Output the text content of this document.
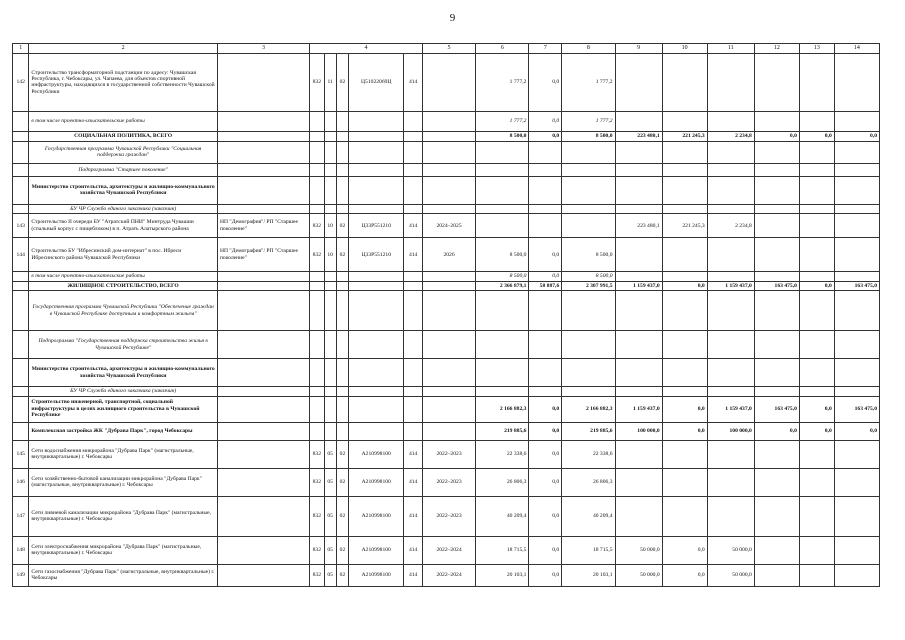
9
1	2	3	4					5	6	7	8	9	10	11	12	13	14
142	Строительство трансформаторной подстанции по адресу: Чувашская Республика, г. Чебоксары, ул. Чапаева, для объектов спортивной инфраструктуры, находящихся в государственной собственности Чувашской Республики		832	11	02	Ц51022069Ц	414		1 777,2	0,0	1 777,2						
	в том числе проектно-изыскательские работы								1 777,2	0,0	1 777,2						
	СОЦИАЛЬНАЯ ПОЛИТИКА, ВСЕГО								8 500,0	0,0	8 500,0	223 480,1	221 245,3	2 234,8	0,0	0,0	0,0
	Государственная программа Чувашской Республики "Социальная поддержка граждан"																
	Подпрограмма "Старшее поколение"																
	Министерство строительства, архитектуры и жилищно-коммунального хозяйства Чувашской Республики																
	БУ ЧР Служба единого заказчика (заказчик)																
143	Строительство II очереди БУ "Атратский ПНИ" Минтруда Чувашии (спальный корпус с пищеблоком) в п. Атрать Алатырского района	НП "Демография"/ РП "Старшее поколение"	832	10	02	Ц33Р551210	414	2024–2025				223 480,1	221 245,3	2 234,8			
144	Строительство БУ "Ибресинский дом-интернат" в пос. Ибреси Ибресинского района Чувашской Республики	НП "Демография"/ РП "Старшее поколение"	832	10	02	Ц33Р551210	414	2026	8 500,0	0,0	8 500,0						
	в том числе проектно-изыскательские работы								8 500,0	0,0	8 500,0						
	ЖИЛИЩНОЕ СТРОИТЕЛЬСТВО, ВСЕГО								2 366 879,1	58 887,6	2 307 991,5	1 159 437,0	0,0	1 159 437,0	163 475,0	0,0	163 475,0
	Государственная программа Чувашской Республики "Обеспечение граждан в Чувашской Республике доступным и комфортным жильем"																
	Подпрограмма "Государственная поддержка строительства жилья в Чувашской Республике"																
	Министерство строительства, архитектуры и жилищно-коммунального хозяйства Чувашской Республики																
	БУ ЧР Служба единого заказчика (заказчик)																
	Строительство инженерной, транспортной, социальной инфраструктуры в целях жилищного строительства в Чувашской Республике								2 166 882,3	0,0	2 166 882,3	1 159 437,0	0,0	1 159 437,0	163 475,0	0,0	163 475,0
	Комплексная застройка ЖК "Дубрава Парк", город Чебоксары								219 885,6	0,0	219 885,6	100 000,0	0,0	100 000,0	0,0	0,0	0,0
145	Сети водоснабжения микрорайона "Дубрава Парк" (магистральные, внутриквартальные) г. Чебоксары		832	05	02	А210998100	414	2022–2023	22 338,6	0,0	22 338,6						
146	Сети хозяйственно-бытовой канализации микрорайона "Дубрава Парк" (магистральные, внутриквартальные) г. Чебоксары		832	05	02	А210998100	414	2022–2023	26 806,3	0,0	26 806,3						
147	Сети ливневой канализации микрорайона "Дубрава Парк" (магистральные, внутриквартальные) г. Чебоксары		832	05	02	А210998100	414	2022–2023	40 209,4	0,0	40 209,4						
148	Сети электроснабжения микрорайона "Дубрава Парк" (магистральные, внутриквартальные) г. Чебоксары		832	05	02	А210998100	414	2022–2024	18 715,5	0,0	18 715,5	50 000,0	0,0	50 000,0			
149	Сети газоснабжения "Дубрава Парк" (магистральные, внутриквартальные) г. Чебоксары		832	05	02	А210998100	414	2022–2024	20 103,1	0,0	20 103,1	50 000,0	0,0	50 000,0			
